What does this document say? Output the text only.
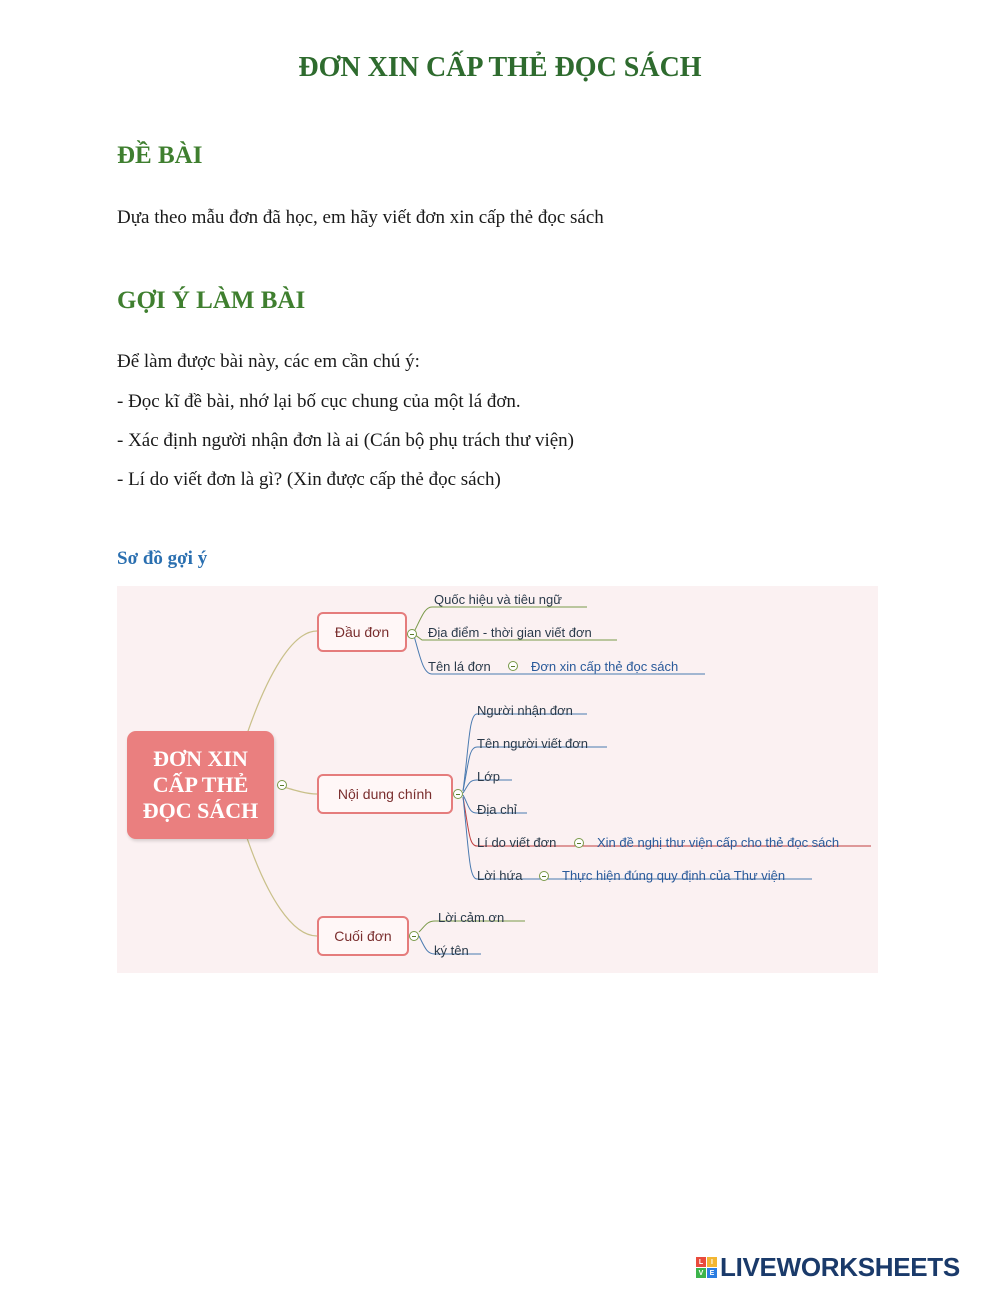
ĐƠN XIN CẤP THẺ ĐỌC SÁCH
ĐỀ BÀI
Dựa theo mẫu đơn đã học, em hãy viết đơn xin cấp thẻ đọc sách
GỢI Ý LÀM BÀI
Để làm được bài này, các em cần chú ý:
- Đọc kĩ đề bài, nhớ lại bố cục chung của một lá đơn.
- Xác định người nhận đơn là ai (Cán bộ phụ trách thư viện)
- Lí do viết đơn là gì? (Xin được cấp thẻ đọc sách)
Sơ đồ gợi ý
ĐƠN XIN
CẤP THẺ
ĐỌC SÁCH
Đầu đơn
Nội dung chính
Cuối đơn
Quốc hiệu và tiêu ngữ
Địa điểm - thời gian viết đơn
Tên lá đơn	Đơn xin cấp thẻ đọc sách
Người nhận đơn
Tên người viết đơn
Lớp
Địa chỉ
Lí do viết đơn	Xin đề nghị thư viện cấp cho thẻ đọc sách
Lời hứa	Thực hiện đúng quy định của Thư viện
Lời cảm ơn
ký tên
L	I
V E LIVEWORKSHEETS
